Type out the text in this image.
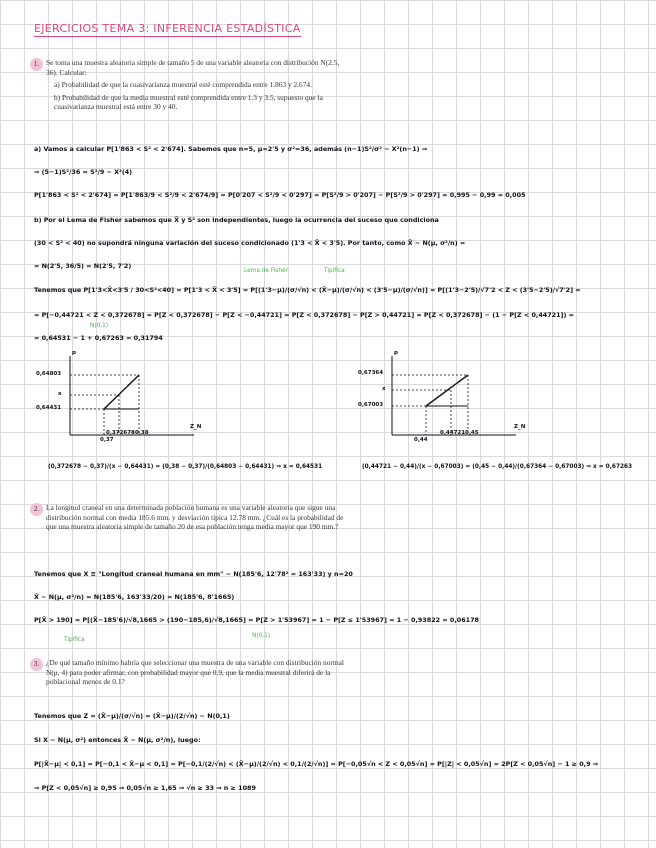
EJERCICIOS TEMA 3: INFERENCIA ESTADÍSTICA
1. Se toma una muestra aleatoria simple de tamaño 5 de una variable aleatoria con distribución N(2.5, 36). Calcular:
a) Probabilidad de que la cuasivarianza muestral esté comprendida entre 1.863 y 2.674.
b) Probabilidad de que la media muestral esté comprendida entre 1.3 y 3.5, supuesto que la cuasivarianza muestral está entre 30 y 40.
a) Vamos a calcular P[1'863 < S² < 2'674]. Sabemos que n=5, μ=2'5 y σ²=36, además (n−1)S²/σ² ∼ X²(n−1) ⇒
⇒ (5−1)S²/36 = S²/9 ∼ X²(4)
P[1'863 < S² < 2'674] = P[1'863/9 < S²/9 < 2'674/9] = P[0'207 < S²/9 < 0'297] = P[S²/9 > 0'207] − P[S²/9 > 0'297] = 0,995 − 0,99 = 0,005
b) Por el Lema de Fisher sabemos que X̄ y S² son independientes, luego la ocurrencia del suceso que condiciona
(30 < S² < 40) no supondrá ninguna variación del suceso condicionado (1'3 < X̄ < 3'5). Por tanto, como X̄ ∼ N(μ, σ²/n) =
= N(2'5, 36/5) = N(2'5, 7'2)
Lema de Fisher	Tipifica
Tenemos que P[1'3<X̄<3'5 / 30<S²<40] = P[1'3 < X̄ < 3'5] = P[(1'3−μ)/(σ/√n) < (X̄−μ)/(σ/√n) < (3'5−μ)/(σ/√n)] = P[(1'3−2'5)/√7'2 < Z < (3'5−2'5)/√7'2] =
= P[−0,44721 < Z < 0,372678] = P[Z < 0,372678] − P[Z < −0,44721] = P[Z < 0,372678] − P[Z > 0,44721] = P[Z < 0,372678] − (1 − P[Z < 0,44721]) =
N(0,1)
= 0,64531 − 1 + 0,67263 = 0,31794
p
0,64803
x
0,64431
0,37
0,372678 0,38
Z_N
(0,372678 − 0,37)/(x − 0,64431) = (0,38 − 0,37)/(0,64803 − 0,64431) ⇒ x = 0,64531
p
0,67364
x
0,67003
0,44
0,44721 0,45
Z_N
(0,44721 − 0,44)/(x − 0,67003) = (0,45 − 0,44)/(0,67364 − 0,67003) ⇒ x = 0,67263
2. La longitud craneal en una determinada población humana es una variable aleatoria que sigue una distribución normal con media 185.6 mm. y desviación típica 12.78 mm. ¿Cuál es la probabilidad de que una muestra aleatoria simple de tamaño 20 de esa población tenga media mayor que 190 mm.?
Tenemos que X ≡ "Longitud craneal humana en mm" ∼ N(185'6, 12'78² = 163'33) y n=20
X̄ ∼ N(μ, σ²/n) = N(185'6, 163'33/20) = N(185'6, 8'1665)
P[X̄ > 190] = P[(X̄−185'6)/√8,1665 > (190−185,6)/√8,1665] = P[Z > 1'53967] = 1 − P[Z ≤ 1'53967] = 1 − 0,93822 = 0,06178
Tipifica
N(0,1)
3. ¿De qué tamaño mínimo habría que seleccionar una muestra de una variable con distribución normal N(μ, 4) para poder afirmar, con probabilidad mayor que 0.9, que la media muestral diferirá de la poblacional menos de 0.1?
Tenemos que Z = (X̄−μ)/(σ/√n) = (X̄−μ)/(2/√n) ∼ N(0,1)
Si X ∼ N(μ, σ²) entonces X̄ ∼ N(μ, σ²/n), luego:
P[|X̄−μ| < 0,1] = P[−0,1 < X̄−μ < 0,1] = P[−0,1/(2/√n) < (X̄−μ)/(2/√n) < 0,1/(2/√n)] = P[−0,05√n < Z < 0,05√n] = P[|Z| < 0,05√n] = 2P[Z < 0,05√n] − 1 ≥ 0,9 ⇒
⇒ P[Z < 0,05√n] ≥ 0,95 ⇒ 0,05√n ≥ 1,65 ⇒ √n ≥ 33 ⇒ n ≥ 1089
